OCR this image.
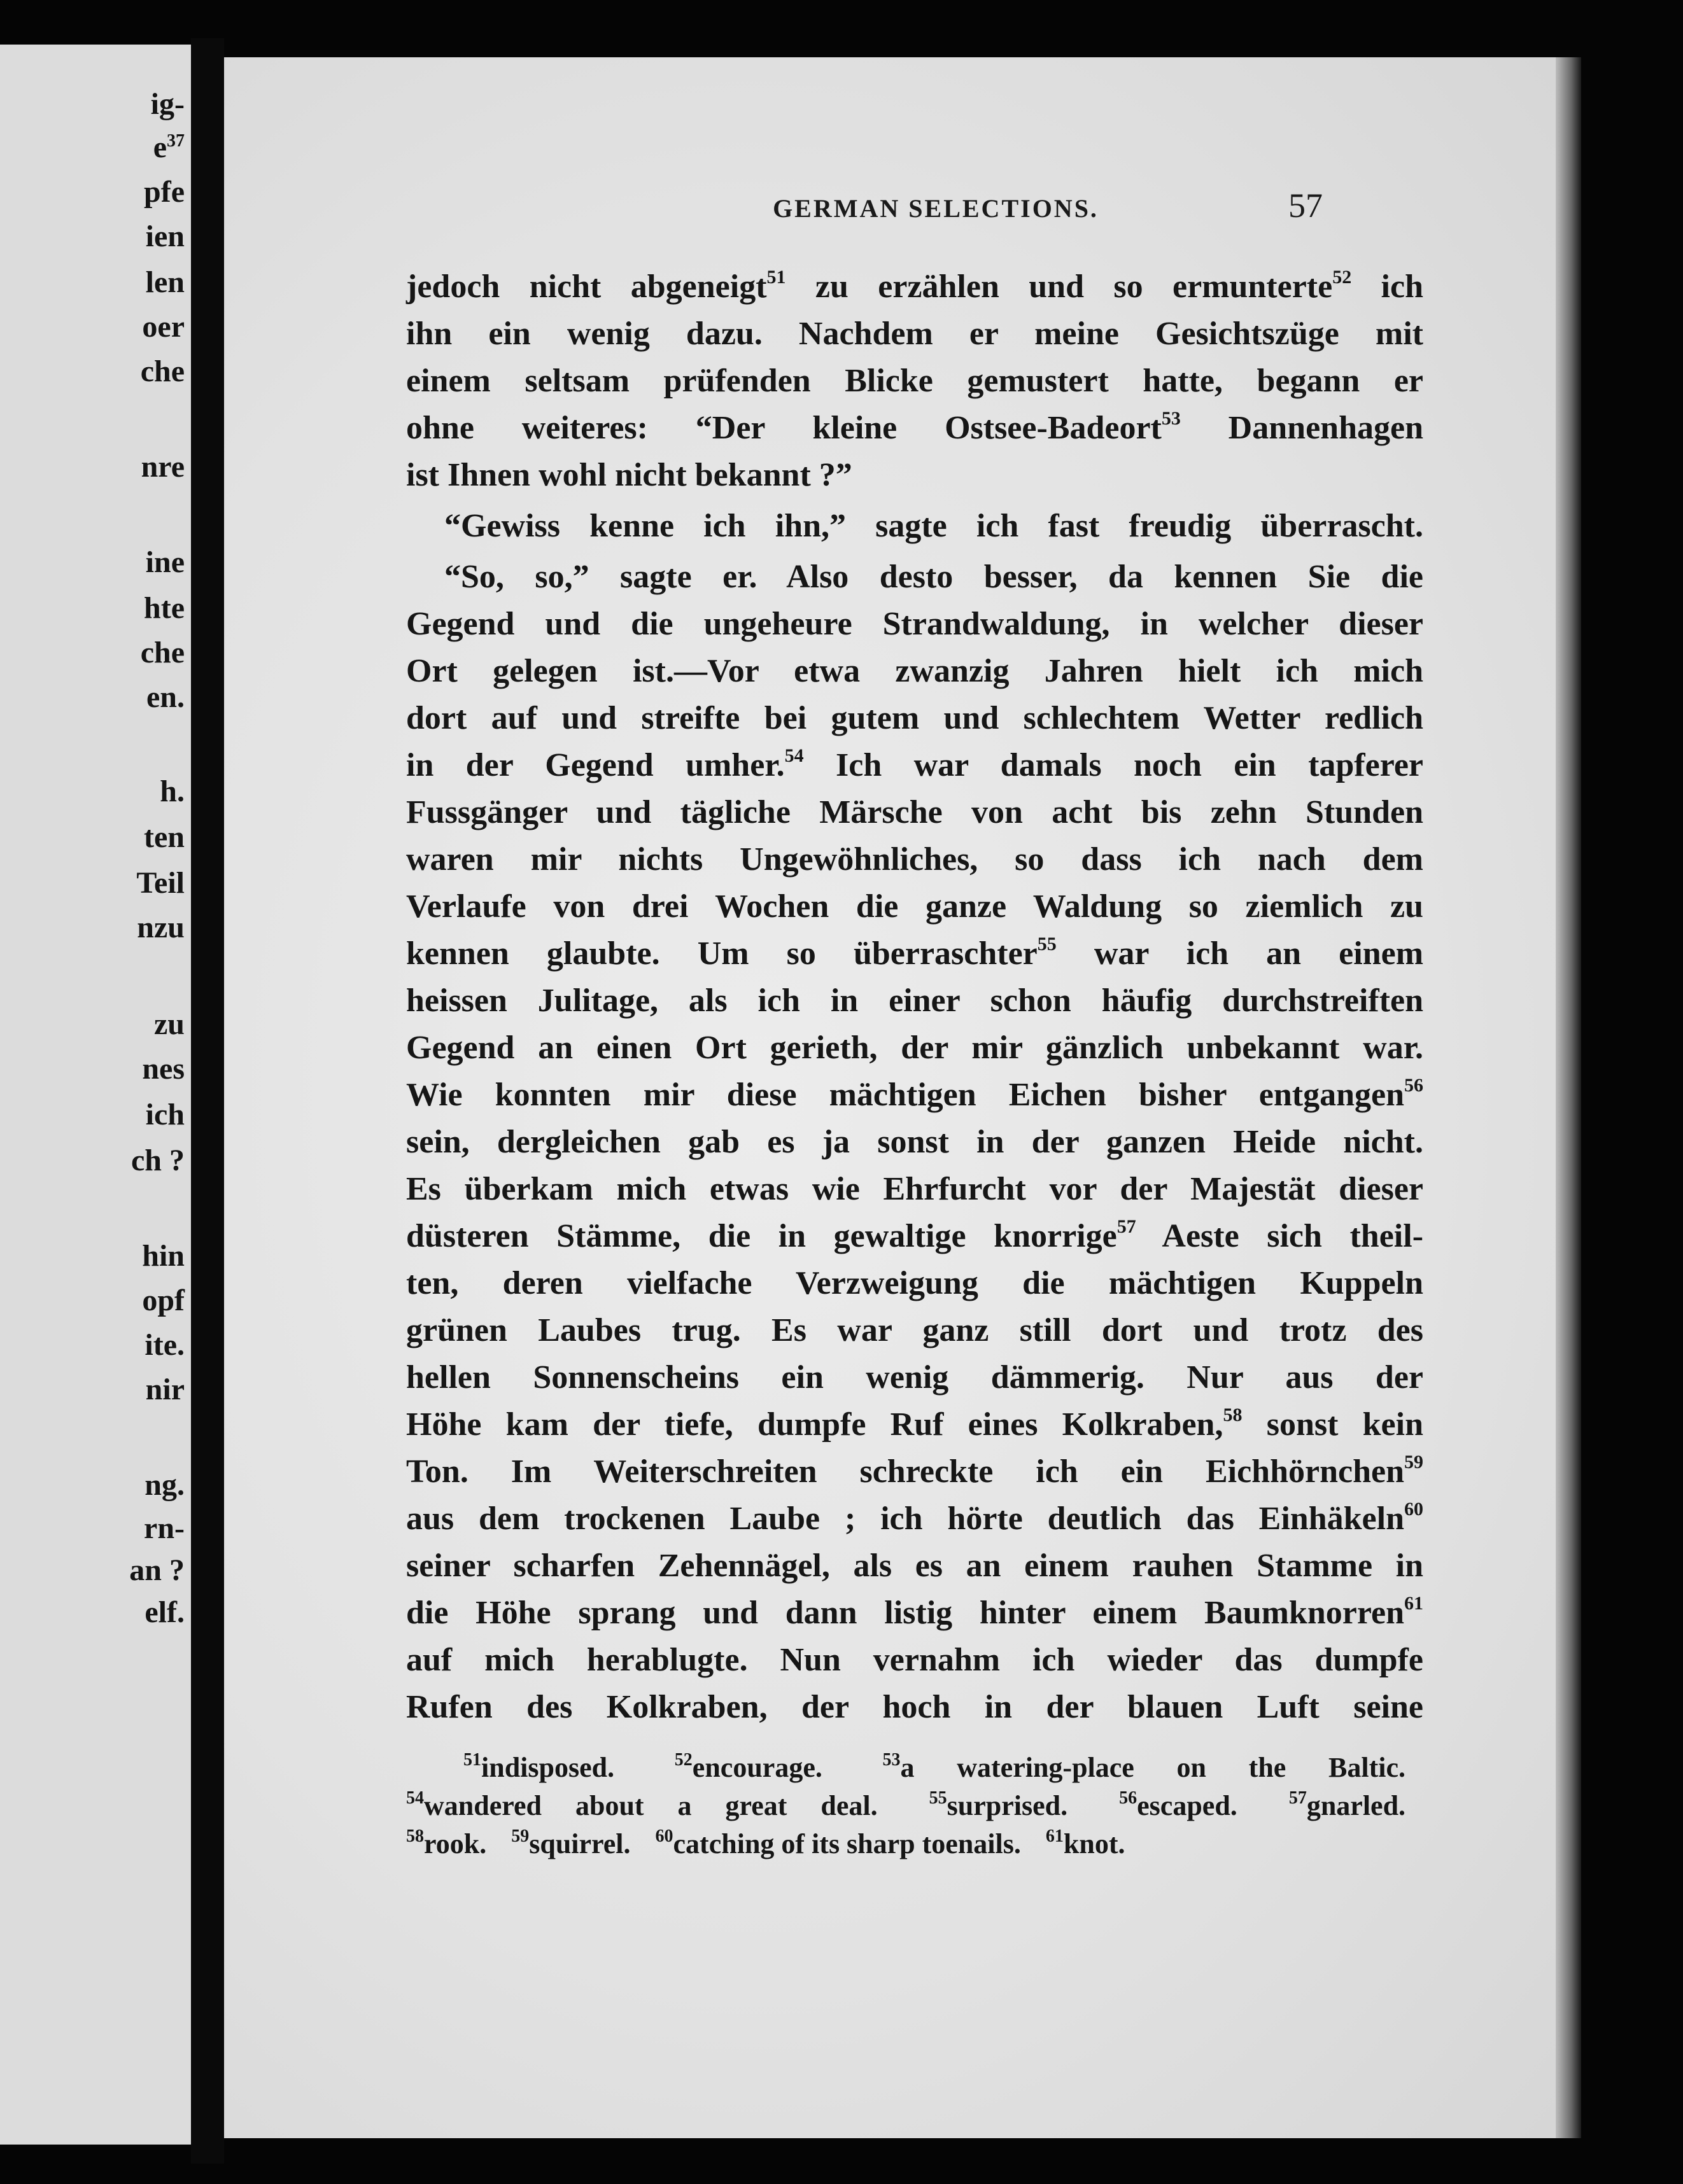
ig-
$e^{37}$
pfe
ien
len
oer
che
nre
ine
hte
che
en.
h.
ten
Teil
nzu
zu
nes
ich
ch ?
hin
opf
ite.
nir
ng.
rn-
an ?
elf.
GERMAN SELECTIONS.	57
jedoch nicht abgeneigt$^{51}$ zu erzählen und so ermunterte$^{52}$ ich
ihn ein wenig dazu. Nachdem er meine Gesichtszüge mit
einem seltsam prüfenden Blicke gemustert hatte, begann er
ohne weiteres: “Der kleine Ostsee-Badeort$^{53}$ Dannenhagen
ist Ihnen wohl nicht bekannt ?”
“Gewiss kenne ich ihn,” sagte ich fast freudig überrascht.
“So, so,” sagte er. Also desto besser, da kennen Sie die
Gegend und die ungeheure Strandwaldung, in welcher dieser
Ort gelegen ist.—Vor etwa zwanzig Jahren hielt ich mich
dort auf und streifte bei gutem und schlechtem Wetter redlich
in der Gegend umher.$^{54}$ Ich war damals noch ein tapferer
Fussgänger und tägliche Märsche von acht bis zehn Stunden
waren mir nichts Ungewöhnliches, so dass ich nach dem
Verlaufe von drei Wochen die ganze Waldung so ziemlich zu
kennen glaubte. Um so überraschter$^{55}$ war ich an einem
heissen Julitage, als ich in einer schon häufig durchstreiften
Gegend an einen Ort gerieth, der mir gänzlich unbekannt war.
Wie konnten mir diese mächtigen Eichen bisher entgangen$^{56}$
sein, dergleichen gab es ja sonst in der ganzen Heide nicht.
Es überkam mich etwas wie Ehrfurcht vor der Majestät dieser
düsteren Stämme, die in gewaltige knorrige$^{57}$ Aeste sich theil-
ten, deren vielfache Verzweigung die mächtigen Kuppeln
grünen Laubes trug. Es war ganz still dort und trotz des
hellen Sonnenscheins ein wenig dämmerig. Nur aus der
Höhe kam der tiefe, dumpfe Ruf eines Kolkraben,$^{58}$ sonst kein
Ton. Im Weiterschreiten schreckte ich ein Eichhörnchen$^{59}$
aus dem trockenen Laube ; ich hörte deutlich das Einhäkeln$^{60}$
seiner scharfen Zehennägel, als es an einem rauhen Stamme in
die Höhe sprang und dann listig hinter einem Baumknorren$^{61}$
auf mich herablugte. Nun vernahm ich wieder das dumpfe
Rufen des Kolkraben, der hoch in der blauen Luft seine
$^{51}$indisposed.	$^{52}$encourage.	$^{53}$a watering-place on the Baltic.
$^{54}$wandered about a great deal.	$^{55}$surprised.	$^{56}$escaped.	$^{57}$gnarled.
$^{58}$rook. $^{59}$squirrel. $^{60}$catching of its sharp toenails. $^{61}$knot.
